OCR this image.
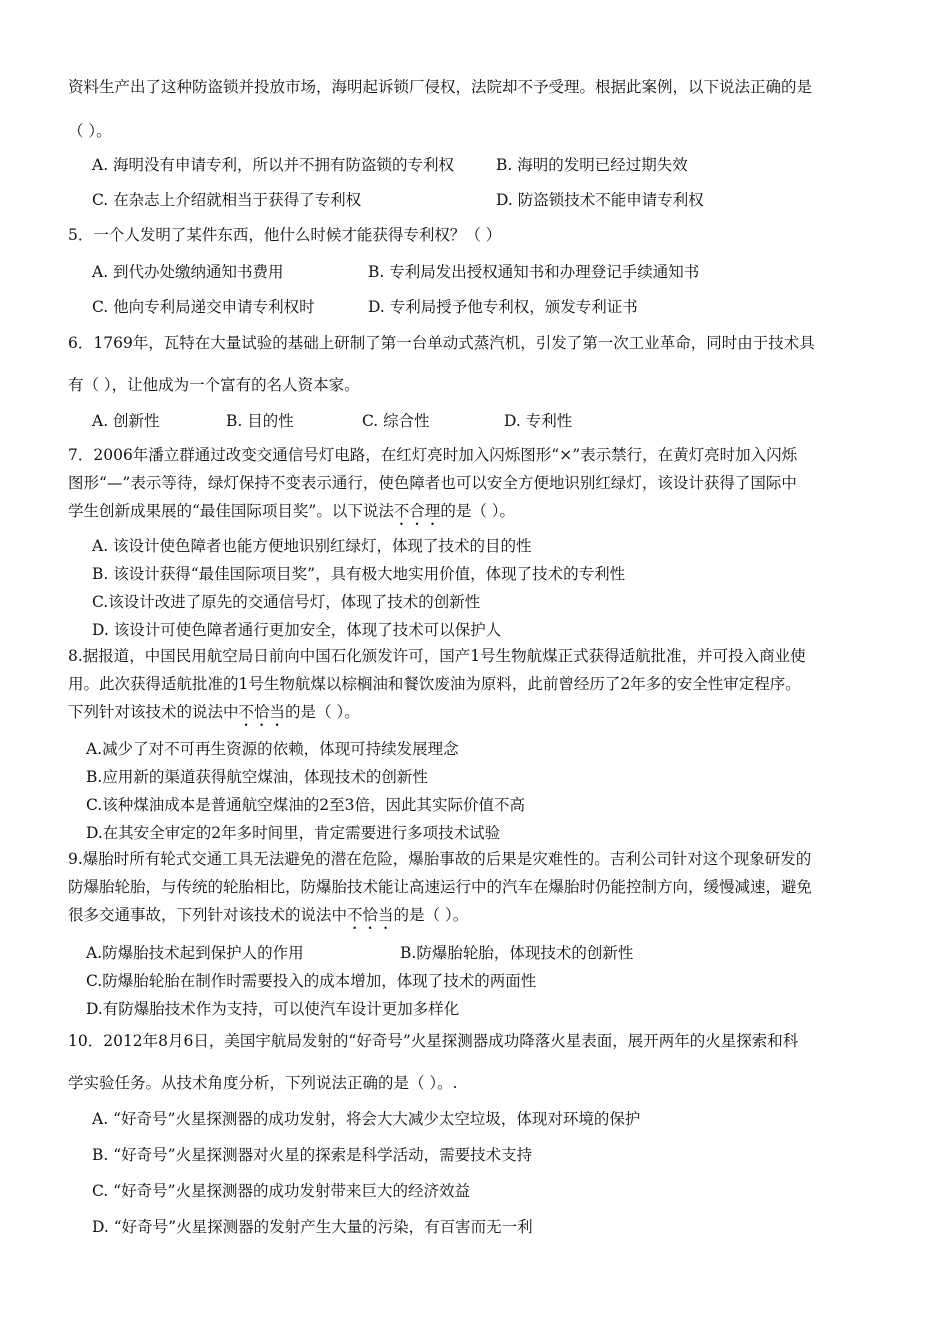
资料生产出了这种防盗锁并投放市场，海明起诉锁厂侵权，法院却不予受理。根据此案例，以下说法正确的是
（ ）。
A. 海明没有申请专利，所以并不拥有防盗锁的专利权	B. 海明的发明已经过期失效
C. 在杂志上介绍就相当于获得了专利权	D. 防盗锁技术不能申请专利权
5．一个人发明了某件东西，他什么时候才能获得专利权？（ ）
A. 到代办处缴纳通知书费用	B. 专利局发出授权通知书和办理登记手续通知书
C. 他向专利局递交申请专利权时	D. 专利局授予他专利权，颁发专利证书
6．1769年，瓦特在大量试验的基础上研制了第一台单动式蒸汽机，引发了第一次工业革命，同时由于技术具
有（ ），让他成为一个富有的名人资本家。
A. 创新性	B. 目的性	C. 综合性	D. 专利性
7．2006年潘立群通过改变交通信号灯电路，在红灯亮时加入闪烁图形“×”表示禁行，在黄灯亮时加入闪烁
图形“—”表示等待，绿灯保持不变表示通行，使色障者也可以安全方便地识别红绿灯，该设计获得了国际中
学生创新成果展的“最佳国际项目奖”。以下说法不合理的是（ ）。
A. 该设计使色障者也能方便地识别红绿灯，体现了技术的目的性
B. 该设计获得“最佳国际项目奖”，具有极大地实用价值，体现了技术的专利性
C.该设计改进了原先的交通信号灯，体现了技术的创新性
D. 该设计可使色障者通行更加安全，体现了技术可以保护人
8.据报道，中国民用航空局日前向中国石化颁发许可，国产1号生物航煤正式获得适航批准，并可投入商业使
用。此次获得适航批准的1号生物航煤以棕榈油和餐饮废油为原料，此前曾经历了2年多的安全性审定程序。
下列针对该技术的说法中不恰当的是（ ）。
A.减少了对不可再生资源的依赖，体现可持续发展理念
B.应用新的渠道获得航空煤油，体现技术的创新性
C.该种煤油成本是普通航空煤油的2至3倍，因此其实际价值不高
D.在其安全审定的2年多时间里，肯定需要进行多项技术试验
9.爆胎时所有轮式交通工具无法避免的潜在危险，爆胎事故的后果是灾难性的。吉利公司针对这个现象研发的
防爆胎轮胎，与传统的轮胎相比，防爆胎技术能让高速运行中的汽车在爆胎时仍能控制方向，缓慢减速，避免
很多交通事故，下列针对该技术的说法中不恰当的是（ ）。
A.防爆胎技术起到保护人的作用	B.防爆胎轮胎，体现技术的创新性
C.防爆胎轮胎在制作时需要投入的成本增加，体现了技术的两面性
D.有防爆胎技术作为支持，可以使汽车设计更加多样化
10．2012年8月6日，美国宇航局发射的“好奇号”火星探测器成功降落火星表面，展开两年的火星探索和科
学实验任务。从技术角度分析，下列说法正确的是（ ）。.
A. “好奇号”火星探测器的成功发射，将会大大减少太空垃圾，体现对环境的保护
B. “好奇号”火星探测器对火星的探索是科学活动，需要技术支持
C. “好奇号”火星探测器的成功发射带来巨大的经济效益
D. “好奇号”火星探测器的发射产生大量的污染，有百害而无一利
